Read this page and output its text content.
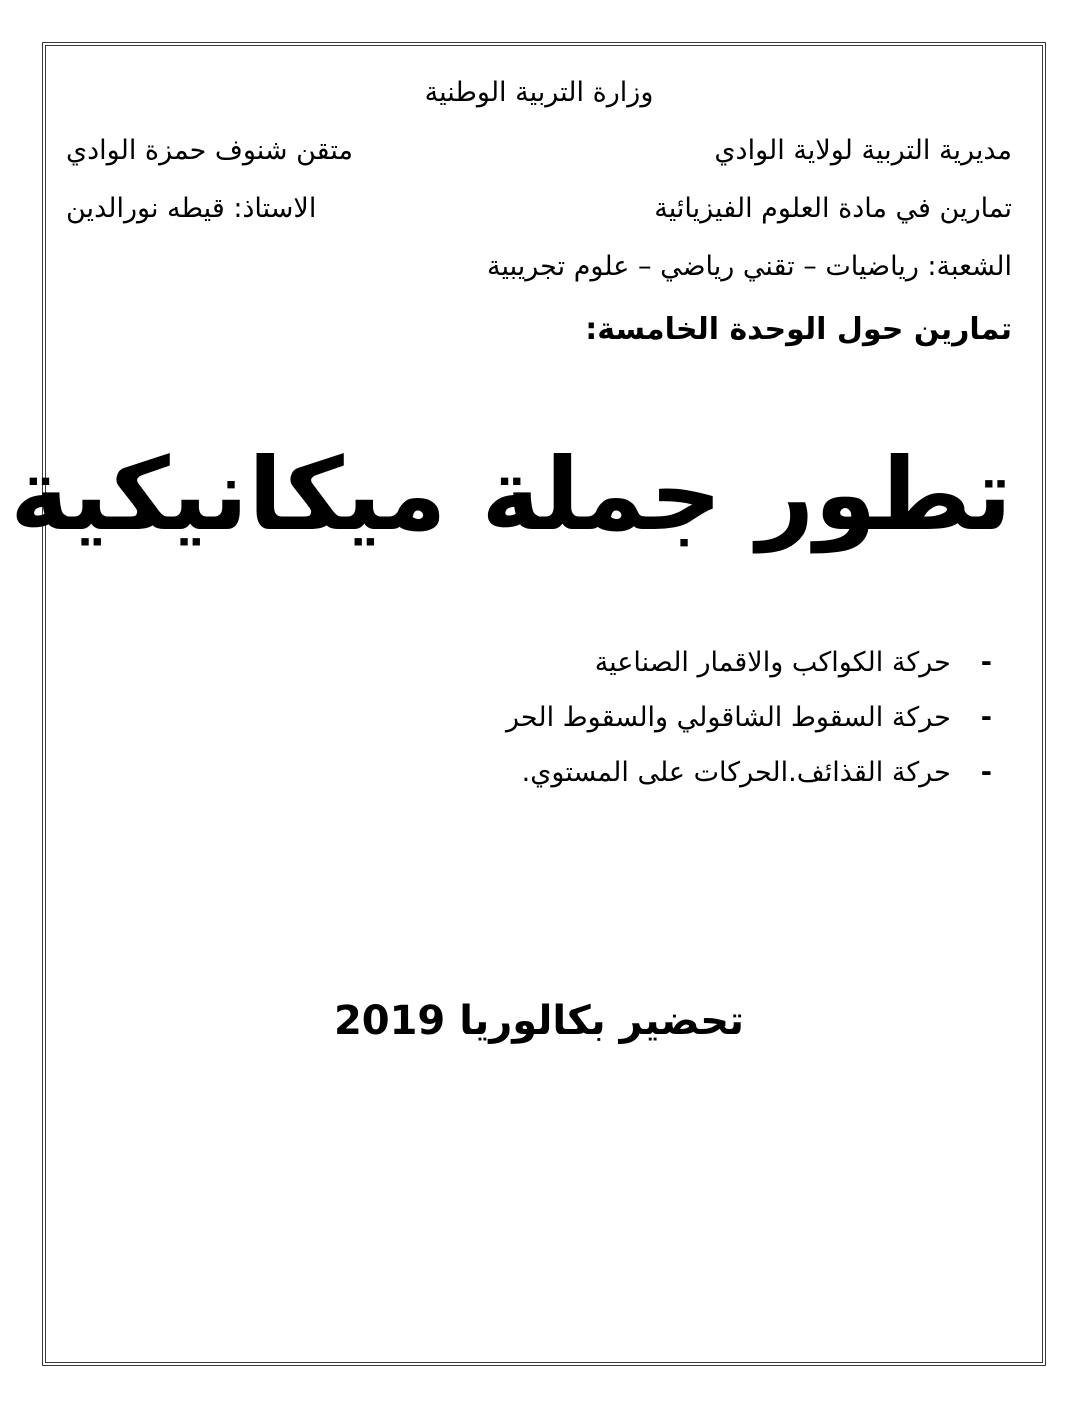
وزارة التربية الوطنية
مديرية التربية لولاية الوادي
متقن شنوف حمزة الوادي
تمارين في مادة العلوم الفيزيائية
الاستاذ: قيطه نورالدين
الشعبة: رياضيات – تقني رياضي – علوم تجريبية
تمارين حول الوحدة الخامسة:
تطور جملة ميكانيكية
-
حركة الكواكب والاقمار الصناعية
-
حركة السقوط الشاقولي والسقوط الحر
-
حركة القذائف.الحركات على المستوي.
تحضير بكالوريا 2019
